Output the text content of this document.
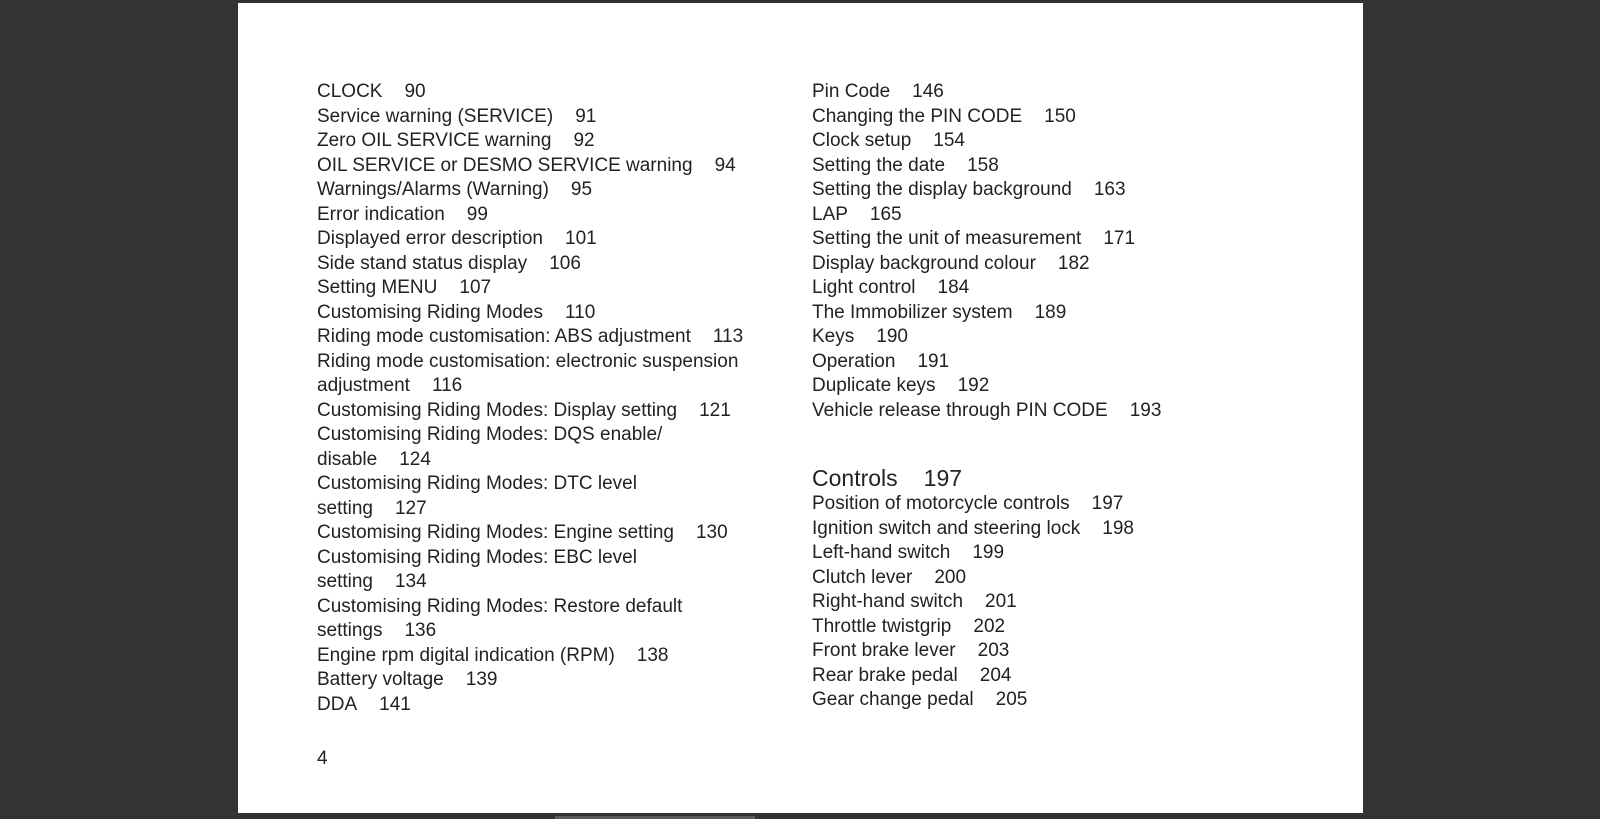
CLOCK 90
Service warning (SERVICE) 91
Zero OIL SERVICE warning 92
OIL SERVICE or DESMO SERVICE warning 94
Warnings/Alarms (Warning) 95
Error indication 99
Displayed error description 101
Side stand status display 106
Setting MENU 107
Customising Riding Modes 110
Riding mode customisation: ABS adjustment 113
Riding mode customisation: electronic suspension adjustment 116
Customising Riding Modes: Display setting 121
Customising Riding Modes: DQS enable/ disable 124
Customising Riding Modes: DTC level setting 127
Customising Riding Modes: Engine setting 130
Customising Riding Modes: EBC level setting 134
Customising Riding Modes: Restore default settings 136
Engine rpm digital indication (RPM) 138
Battery voltage 139
DDA 141
Pin Code 146
Changing the PIN CODE 150
Clock setup 154
Setting the date 158
Setting the display background 163
LAP 165
Setting the unit of measurement 171
Display background colour 182
Light control 184
The Immobilizer system 189
Keys 190
Operation 191
Duplicate keys 192
Vehicle release through PIN CODE 193
Controls 197
Position of motorcycle controls 197
Ignition switch and steering lock 198
Left-hand switch 199
Clutch lever 200
Right-hand switch 201
Throttle twistgrip 202
Front brake lever 203
Rear brake pedal 204
Gear change pedal 205
4
